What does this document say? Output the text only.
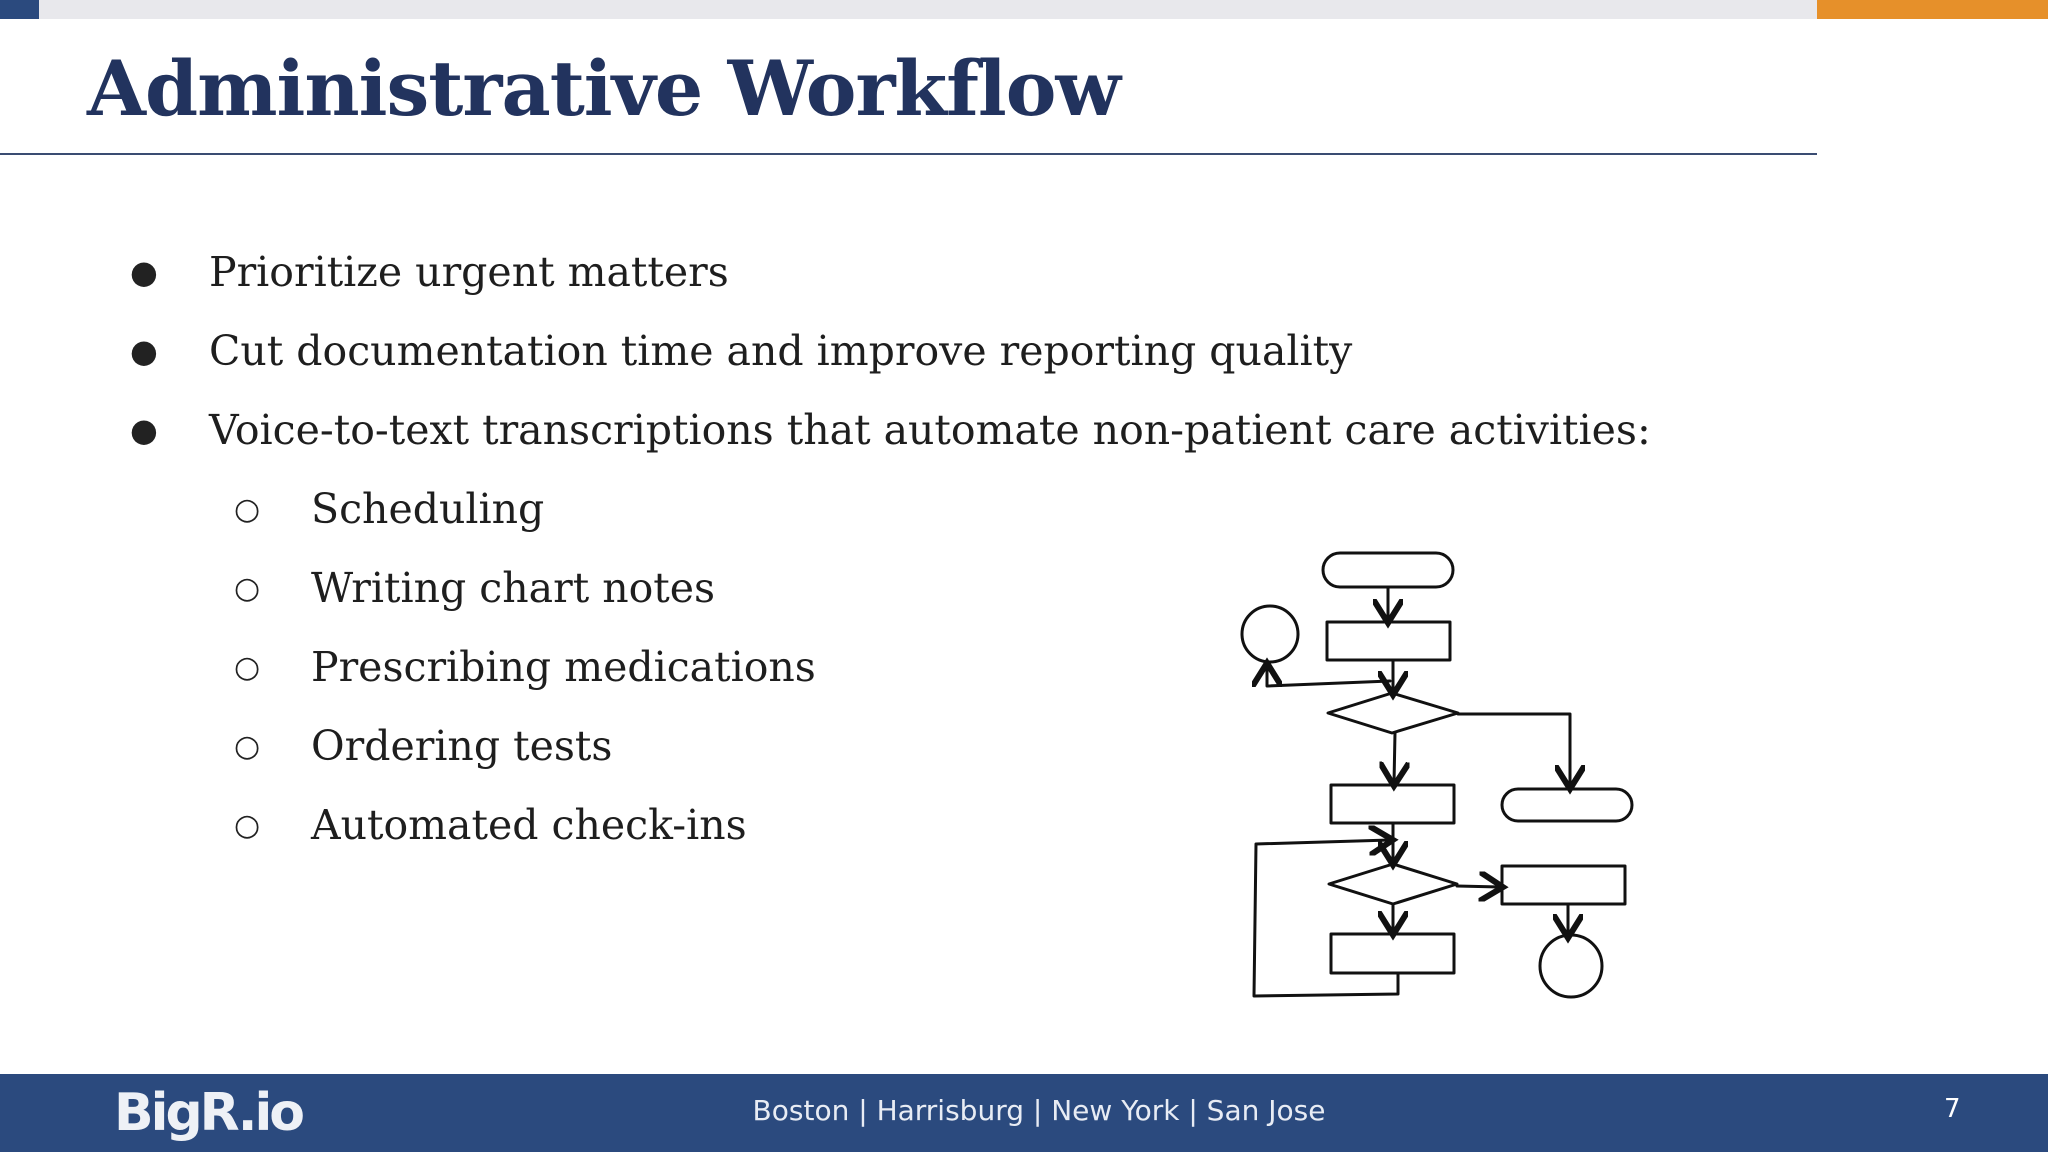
Administrative Workflow
● Prioritize urgent matters
● Cut documentation time and improve reporting quality
● Voice-to-text transcriptions that automate non-patient care activities:
○ Scheduling
○ Writing chart notes
○ Prescribing medications
○ Ordering tests
○ Automated check-ins
BigR.io	Boston | Harrisburg | New York | San Jose	7
